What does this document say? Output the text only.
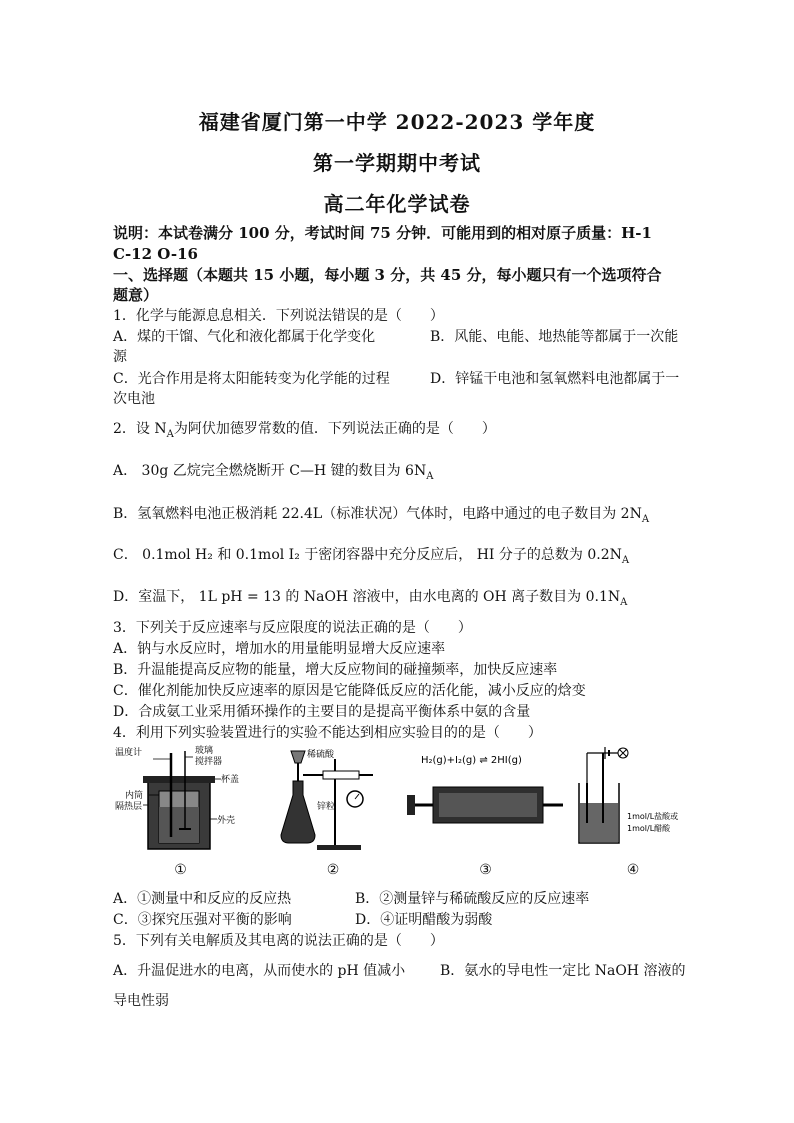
福建省厦门第一中学 2022-2023 学年度
第一学期期中考试
高二年化学试卷
说明：本试卷满分 100 分，考试时间 75 分钟．可能用到的相对原子质量：H-1
C-12 O-16
一、选择题（本题共 15 小题，每小题 3 分，共 45 分，每小题只有一个选项符合
题意）
1．化学与能源息息相关．下列说法错误的是（　　）
A．煤的干馏、气化和液化都属于化学变化	B．风能、电能、地热能等都属于一次能
源
C．光合作用是将太阳能转变为化学能的过程	D．锌锰干电池和氢氧燃料电池都属于一
次电池
2．设 $N_A$为阿伏加德罗常数的值．下列说法正确的是（　　）
A． 30g 乙烷完全燃烧断开 C—H 键的数目为 $6N_A$
B．氢氧燃料电池正极消耗 22.4L（标准状况）气体时，电路中通过的电子数目为 $2N_A$
C． 0.1mol H₂ 和 0.1mol I₂ 于密闭容器中充分反应后， HI 分子的总数为 $0.2N_A$
D．室温下， 1L pH = 13 的 NaOH 溶液中，由水电离的 OH 离子数目为 $0.1N_A$
3．下列关于反应速率与反应限度的说法正确的是（　　）
A．钠与水反应时，增加水的用量能明显增大反应速率
B．升温能提高反应物的能量，增大反应物间的碰撞频率，加快反应速率
C．催化剂能加快反应速率的原因是它能降低反应的活化能，减小反应的焓变
D．合成氨工业采用循环操作的主要目的是提高平衡体系中氨的含量
4．利用下列实验装置进行的实验不能达到相应实验目的的是（　　）
温度计	玻璃
搅拌器
杯盖
内筒
隔热层
外壳
①
稀硫酸
锌粒
②
H₂(g)+I₂(g) ⇌ 2HI(g)
③
1mol/L盐酸或
1mol/L醋酸
④
A．①测量中和反应的反应热	B．②测量锌与稀硫酸反应的反应速率
C．③探究压强对平衡的影响	D．④证明醋酸为弱酸
5．下列有关电解质及其电离的说法正确的是（　　）
A．升温促进水的电离，从而使水的 pH 值减小	B．氨水的导电性一定比 NaOH 溶液的
导电性弱
